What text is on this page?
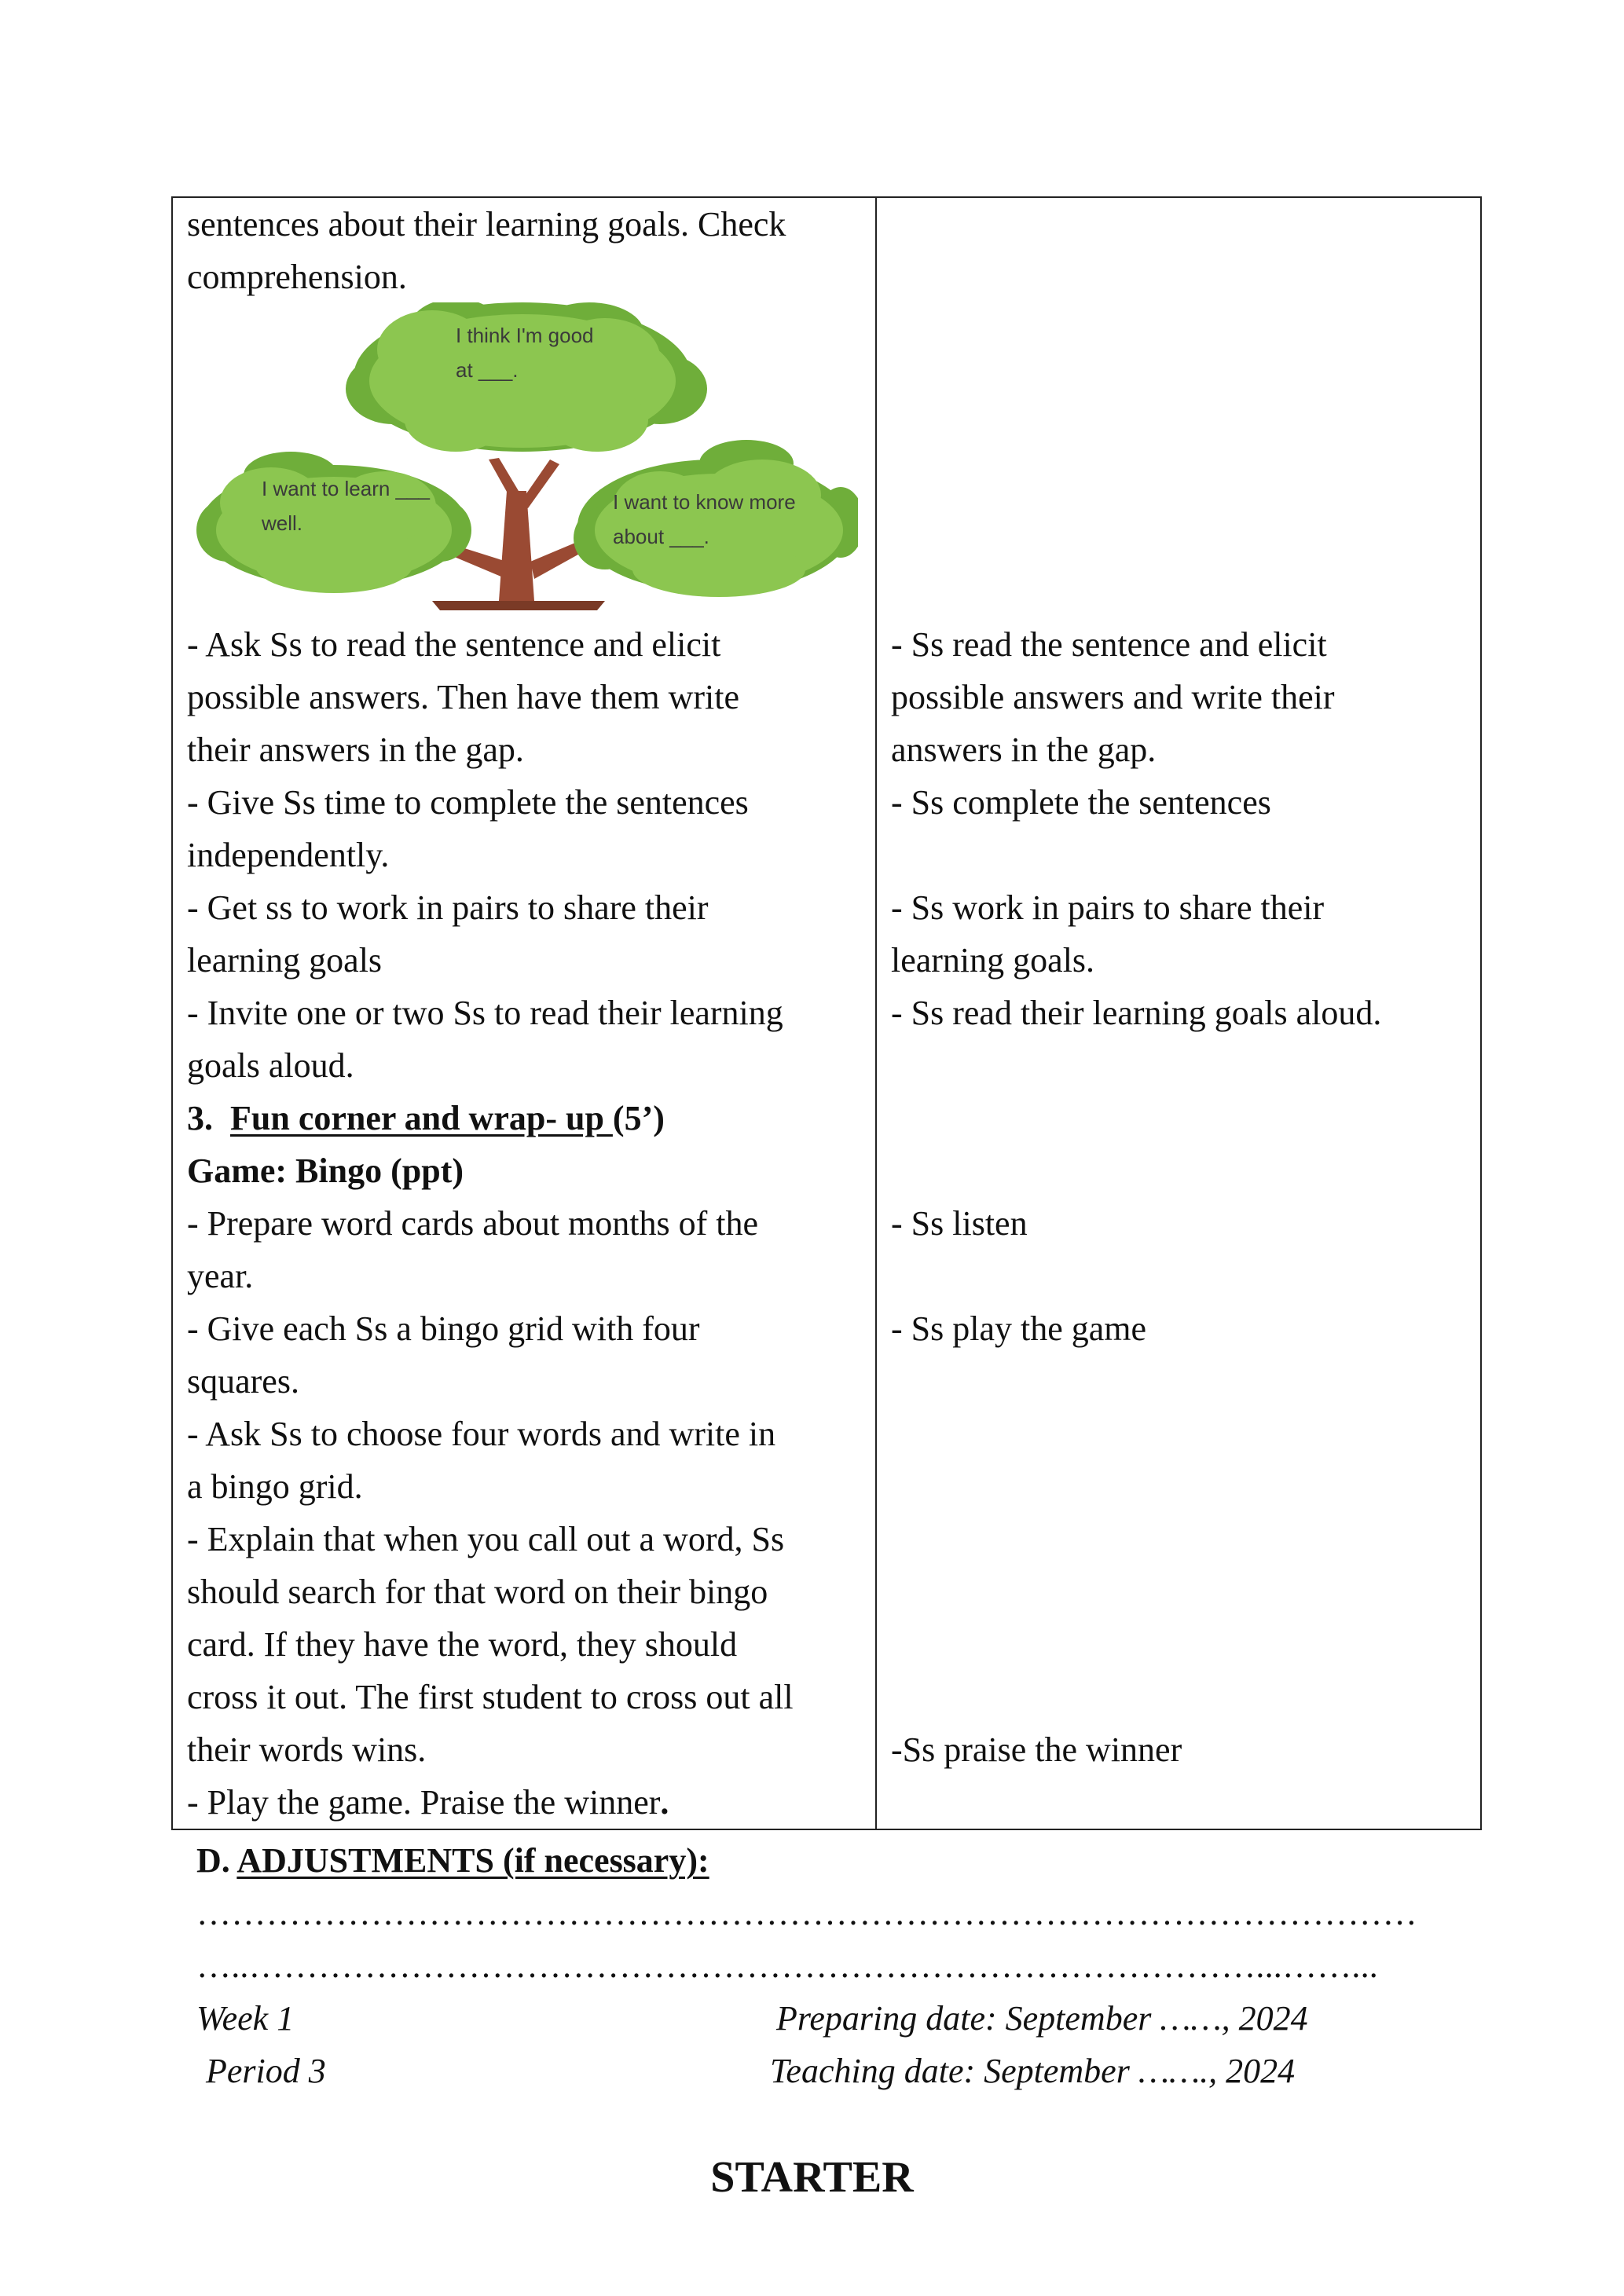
sentences about their learning goals. Check
comprehension.
- Ask Ss to read the sentence and elicit
possible answers. Then have them write
their answers in the gap.
- Give Ss time to complete the sentences
independently.
- Get ss to work in pairs to share their
learning goals
- Invite one or two Ss to read their learning
goals aloud.
3. Fun corner and wrap- up (5’)
Game: Bingo (ppt)
- Prepare word cards about months of the
year.
- Give each Ss a bingo grid with four
squares.
- Ask Ss to choose four words and write in
a bingo grid.
- Explain that when you call out a word, Ss
should search for that word on their bingo
card. If they have the word, they should
cross it out. The first student to cross out all
their words wins.
- Play the game. Praise the winner.
- Ss read the sentence and elicit
possible answers and write their
answers in the gap.
- Ss complete the sentences
- Ss work in pairs to share their
learning goals.
- Ss read their learning goals aloud.
- Ss listen
- Ss play the game
-Ss praise the winner
I think I'm good
at ___.
I want to learn ___
well.
I want to know more
about ___.
D. ADJUSTMENTS (if necessary):
……………………………………………………………………………………………
…..……………………………………………………………………………...……...
Week 1	Preparing date: September ……, 2024
Period 3	Teaching date: September ……., 2024
STARTER
